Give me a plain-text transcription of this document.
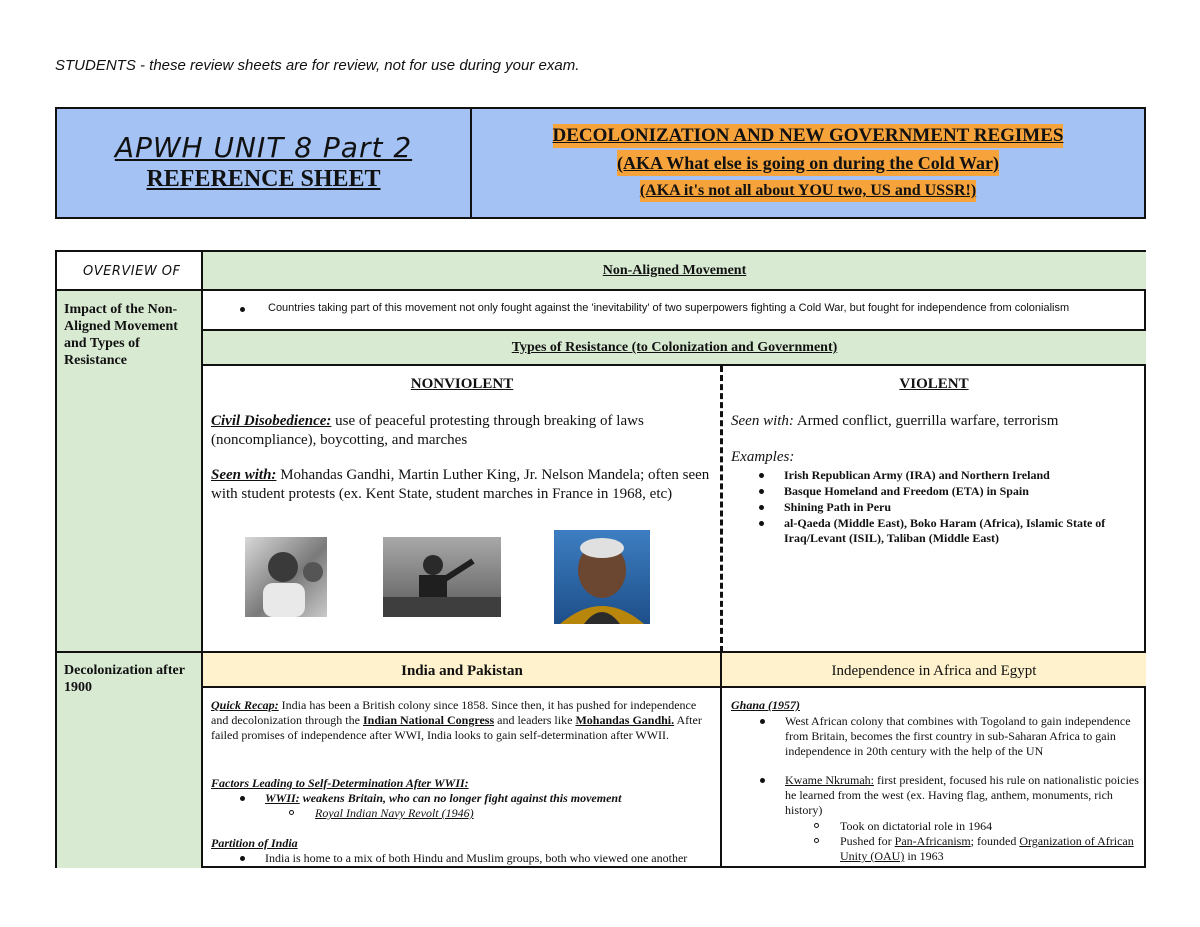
STUDENTS - these review sheets are for review, not for use during your exam.
APWH UNIT 8 Part 2
REFERENCE SHEET
DECOLONIZATION AND NEW GOVERNMENT REGIMES
(AKA What else is going on during the Cold War)
(AKA it's not all about YOU two, US and USSR!)
OVERVIEW OF	Non-Aligned Movement
Impact of the Non-Aligned Movement and Types of Resistance
Countries taking part of this movement not only fought against the 'inevitability' of two superpowers fighting a Cold War, but fought for independence from colonialism
Types of Resistance (to Colonization and Government)
NONVIOLENT
Civil Disobedience: use of peaceful protesting through breaking of laws (noncompliance), boycotting, and marches
Seen with: Mohandas Gandhi, Martin Luther King, Jr. Nelson Mandela; often seen with student protests (ex. Kent State, student marches in France in 1968, etc)
VIOLENT
Seen with: Armed conflict, guerrilla warfare, terrorism
Examples:
Irish Republican Army (IRA) and Northern Ireland
Basque Homeland and Freedom (ETA) in Spain
Shining Path in Peru
al-Qaeda (Middle East), Boko Haram (Africa), Islamic State of Iraq/Levant (ISIL), Taliban (Middle East)
Decolonization after 1900
India and Pakistan	Independence in Africa and Egypt
Quick Recap: India has been a British colony since 1858. Since then, it has pushed for independence and decolonization through the Indian National Congress and leaders like Mohandas Gandhi. After failed promises of independence after WWI, India looks to gain self-determination after WWII.
Factors Leading to Self-Determination After WWII:
WWII: weakens Britain, who can no longer fight against this movement
Royal Indian Navy Revolt (1946)
Partition of India
India is home to a mix of both Hindu and Muslim groups, both who viewed one another
Ghana (1957)
West African colony that combines with Togoland to gain independence from Britain, becomes the first country in sub-Saharan Africa to gain independence in 20th century with the help of the UN
Kwame Nkrumah: first president, focused his rule on nationalistic poicies he learned from the west (ex. Having flag, anthem, monuments, rich history)
Took on dictatorial role in 1964
Pushed for Pan-Africanism; founded Organization of African Unity (OAU) in 1963
